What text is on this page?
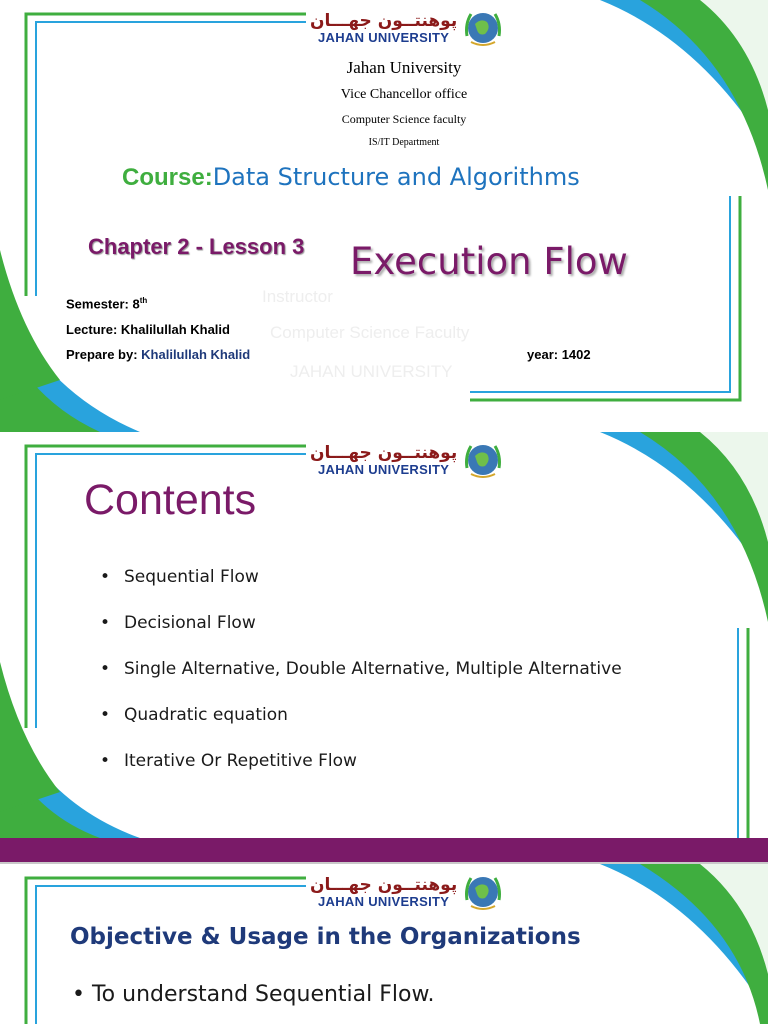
پوهنتــون جهـــان
JAHAN UNIVERSITY
Jahan University
Vice Chancellor office
Computer Science faculty
IS/IT Department
Course:Data Structure and Algorithms
Chapter 2 - Lesson 3 Execution Flow
Instructor
Computer Science Faculty
JAHAN UNIVERSITY
Semester: 8th
Lecture: Khalilullah Khalid
Prepare by: Khalilullah Khalid	year: 1402
پوهنتــون جهـــان
JAHAN UNIVERSITY
Contents
• Sequential Flow
• Decisional Flow
• Single Alternative, Double Alternative, Multiple Alternative
• Quadratic equation
• Iterative Or Repetitive Flow
پوهنتــون جهـــان
JAHAN UNIVERSITY
Objective & Usage in the Organizations
• To understand Sequential Flow.
